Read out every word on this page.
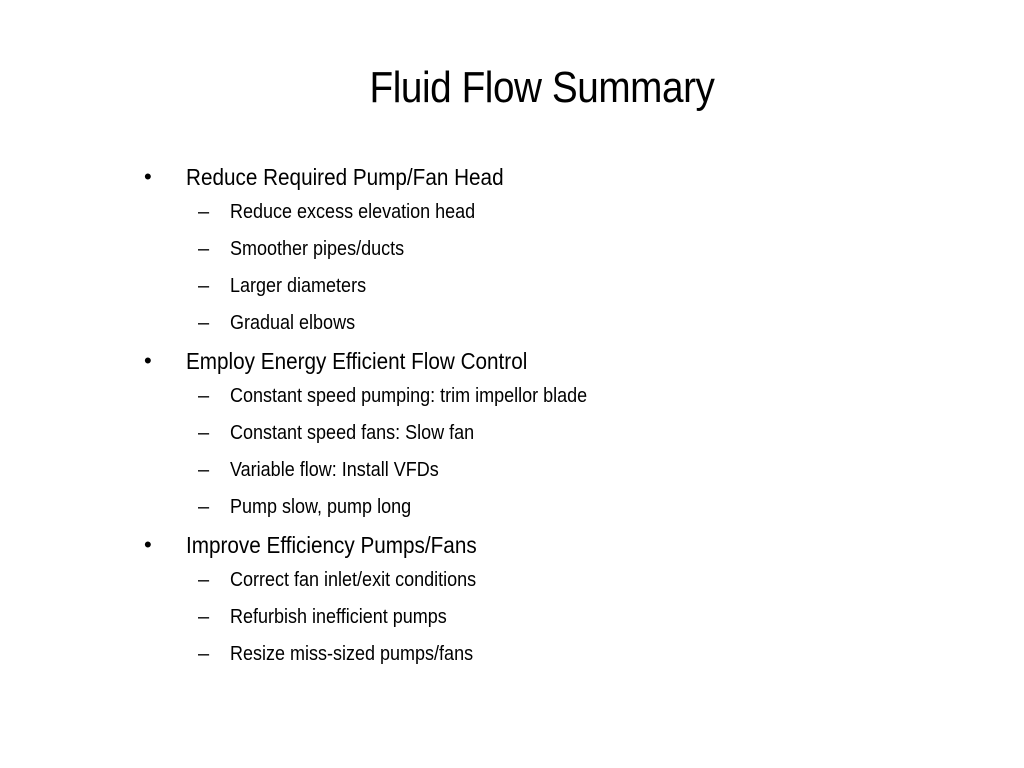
Fluid Flow Summary
• Reduce Required Pump/Fan Head
– Reduce excess elevation head
– Smoother pipes/ducts
– Larger diameters
– Gradual elbows
• Employ Energy Efficient Flow Control
– Constant speed pumping: trim impellor blade
– Constant speed fans: Slow fan
– Variable flow: Install VFDs
– Pump slow, pump long
• Improve Efficiency Pumps/Fans
– Correct fan inlet/exit conditions
– Refurbish inefficient pumps
– Resize miss-sized pumps/fans
